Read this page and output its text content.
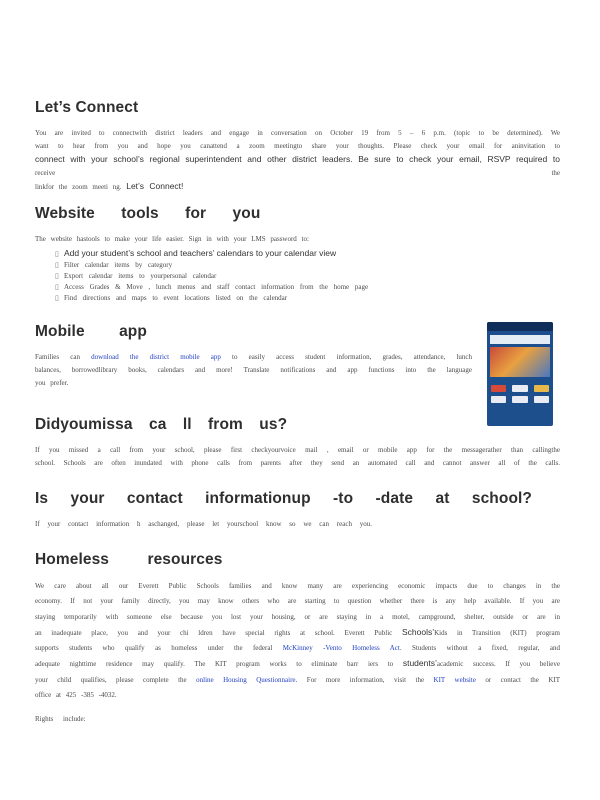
Let’s Connect
You are invited to connectwith district leaders and engage in conversation on October 19 from 5 – 6 p.m. (topic to be determined). We
want to hear from you and hope you canattend a zoom meetingto share your thoughts. Please check your email for aninvitation to
connect with your school’s regional superintendent and other district leaders. Be sure to check your email, RSVP required to receive the
linkfor the zoom meeti ng. Let’s Connect!
Website tools for you
The website hastools to make your life easier. Sign in with your LMS password to:
▯ Add your student’s school and teachers’ calendars to your calendar view
▯ Filter calendar items by category
▯ Export calendar items to yourpersonal calendar
▯ Access Grades & Move , lunch menus and staff contact information from the home page
▯ Find directions and maps to event locations listed on the calendar
Mobile app
Families can download the district mobile app to easily access student information, grades, attendance, lunch
balances, borrowedlibrary books, calendars and more! Translate notifications and app functions into the language
you prefer.
Didyoumissa ca ll from us?
If you missed a call from your school, please first checkyourvoice mail , email or mobile app for the messagerather than callingthe
school. Schools are often inundated with phone calls from parents after they send an automated call and cannot answer all of the calls.
Is your contact informationup -to -date at school?
If your contact information h aschanged, please let yourschool know so we can reach you.
Homeless resources
We care about all our Everett Public Schools families and know many are experiencing economic impacts due to changes in the
economy. If not your family directly, you may know others who are starting to question whether there is any help available. If you are
staying temporarily with someone else because you lost your housing, or are staying in a motel, campground, shelter, outside or are in
an inadequate place, you and your chi ldren have special rights at school. Everett Public Schools’Kids in Transition (KIT) program
supports students who qualify as homeless under the federal McKinney -Vento Homeless Act. Students without a fixed, regular, and
adequate nighttime residence may qualify. The KIT program works to eliminate barr iers to students’academic success. If you believe
your child qualifies, please complete the online Housing Questionnaire. For more information, visit the KIT website or contact the KIT
office at 425 -385 -4032.
Rights include:
